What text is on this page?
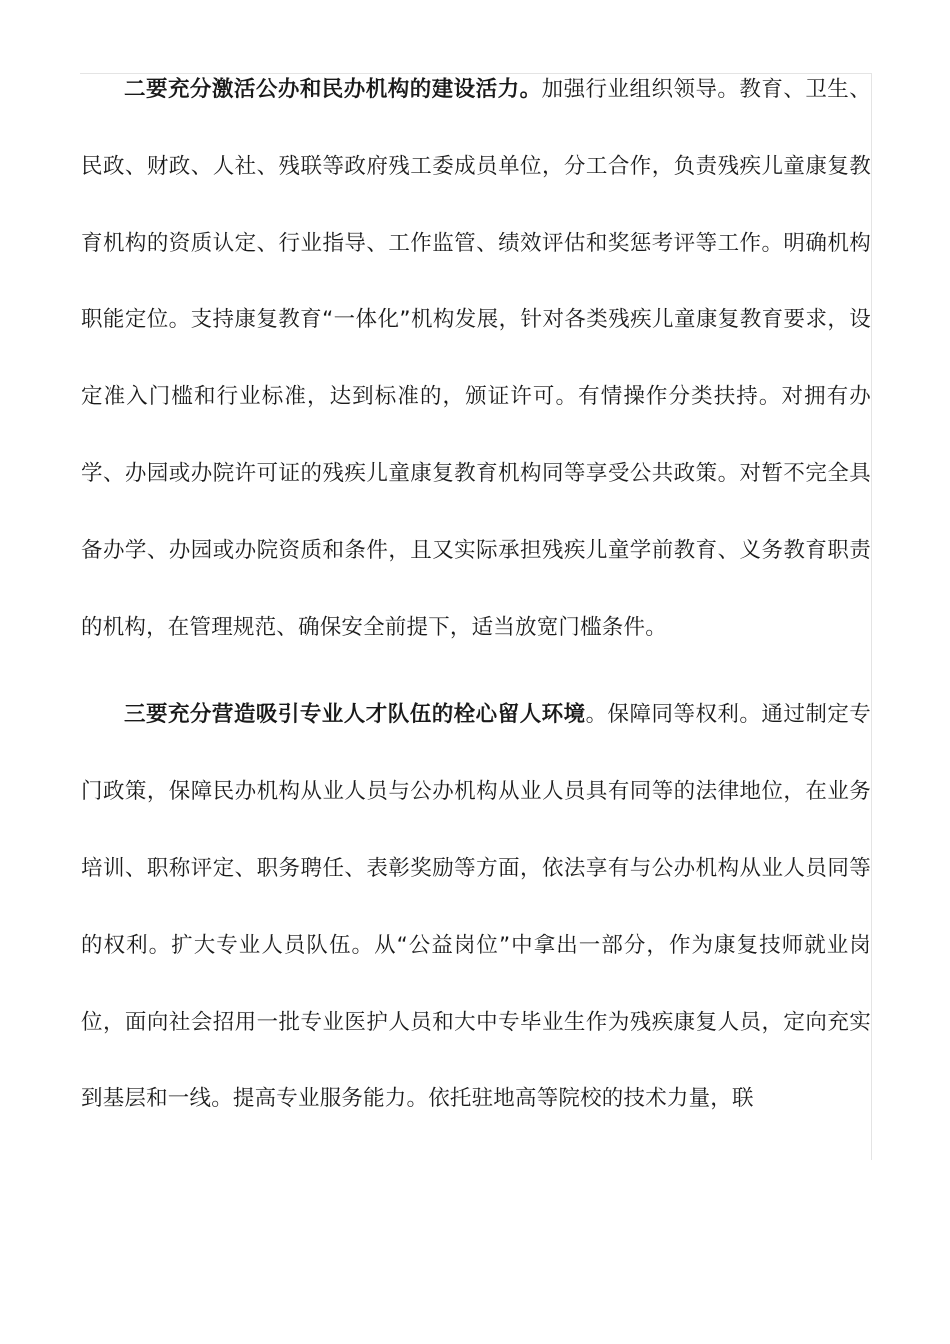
二要充分激活公办和民办机构的建设活力。加强行业组织领导。教育、卫生、民政、财政、人社、残联等政府残工委成员单位，分工合作，负责残疾儿童康复教育机构的资质认定、行业指导、工作监管、绩效评估和奖惩考评等工作。明确机构职能定位。支持康复教育“一体化”机构发展，针对各类残疾儿童康复教育要求，设定准入门槛和行业标准，达到标准的，颁证许可。有情操作分类扶持。对拥有办学、办园或办院许可证的残疾儿童康复教育机构同等享受公共政策。对暂不完全具备办学、办园或办院资质和条件，且又实际承担残疾儿童学前教育、义务教育职责的机构，在管理规范、确保安全前提下，适当放宽门槛条件。

三要充分营造吸引专业人才队伍的栓心留人环境。保障同等权利。通过制定专门政策，保障民办机构从业人员与公办机构从业人员具有同等的法律地位，在业务培训、职称评定、职务聘任、表彰奖励等方面，依法享有与公办机构从业人员同等的权利。扩大专业人员队伍。从“公益岗位”中拿出一部分，作为康复技师就业岗位，面向社会招用一批专业医护人员和大中专毕业生作为残疾康复人员，定向充实到基层和一线。提高专业服务能力。依托驻地高等院校的技术力量，联
